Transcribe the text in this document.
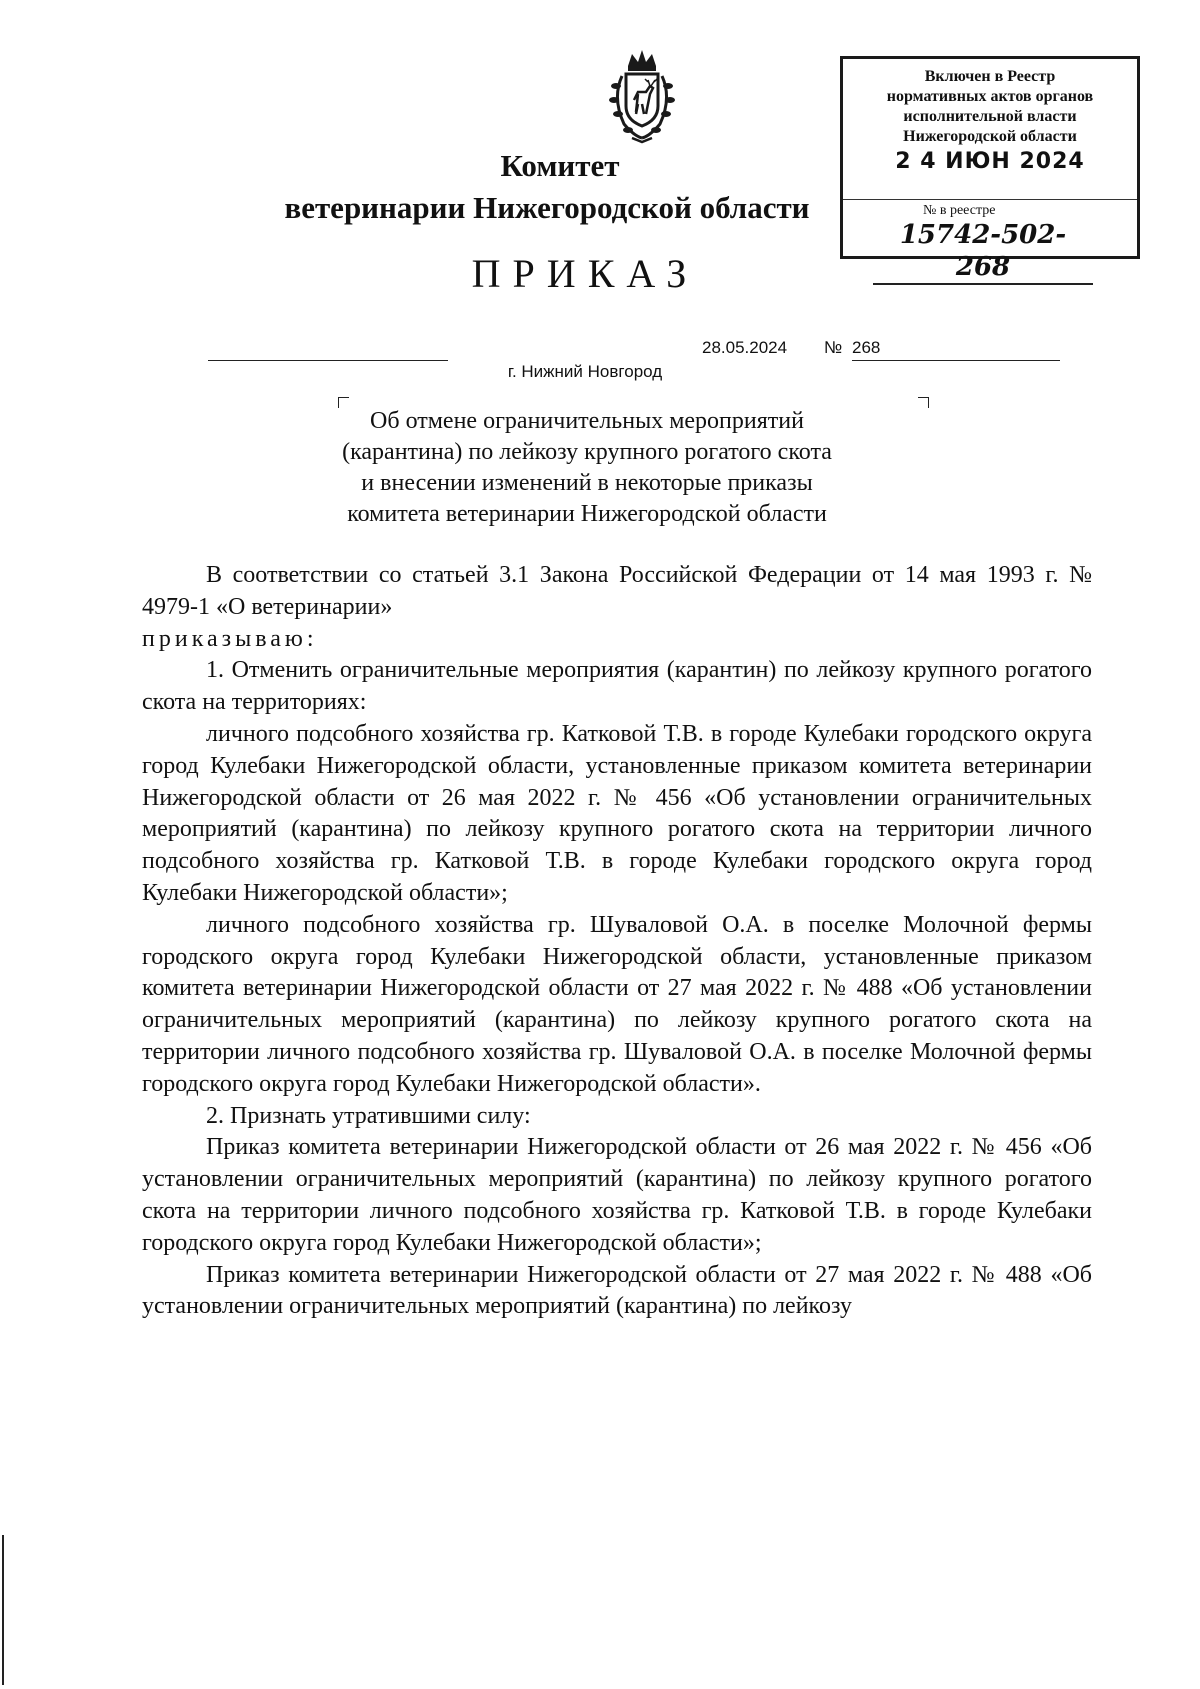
Комитет
ветеринарии Нижегородской области
ПРИКАЗ
Включен в Реестр
нормативных актов органов
исполнительной власти
Нижегородской области
2 4 ИЮН 2024
№ в реестре
15742-502-268
28.05.2024 № 268
г. Нижний Новгород
Об отмене ограничительных мероприятий
(карантина) по лейкозу крупного рогатого скота
и внесении изменений в некоторые приказы
комитета ветеринарии Нижегородской области

В соответствии со статьей 3.1 Закона Российской Федерации от 14 мая 1993 г. № 4979-1 «О ветеринарии»

приказываю:

1. Отменить ограничительные мероприятия (карантин) по лейкозу крупного рогатого скота на территориях:

личного подсобного хозяйства гр. Катковой Т.В. в городе Кулебаки городского округа город Кулебаки Нижегородской области, установленные приказом комитета ветеринарии Нижегородской области от 26 мая 2022 г. № 456 «Об установлении ограничительных мероприятий (карантина) по лейкозу крупного рогатого скота на территории личного подсобного хозяйства гр. Катковой Т.В. в городе Кулебаки городского округа город Кулебаки Нижегородской области»;

личного подсобного хозяйства гр. Шуваловой О.А. в поселке Молочной фермы городского округа город Кулебаки Нижегородской области, установленные приказом комитета ветеринарии Нижегородской области от 27 мая 2022 г. № 488 «Об установлении ограничительных мероприятий (карантина) по лейкозу крупного рогатого скота на территории личного подсобного хозяйства гр. Шуваловой О.А. в поселке Молочной фермы городского округа город Кулебаки Нижегородской области».

2. Признать утратившими силу:

Приказ комитета ветеринарии Нижегородской области от 26 мая 2022 г. № 456 «Об установлении ограничительных мероприятий (карантина) по лейкозу крупного рогатого скота на территории личного подсобного хозяйства гр. Катковой Т.В. в городе Кулебаки городского округа город Кулебаки Нижегородской области»;

Приказ комитета ветеринарии Нижегородской области от 27 мая 2022 г. № 488 «Об установлении ограничительных мероприятий (карантина) по лейкозу
